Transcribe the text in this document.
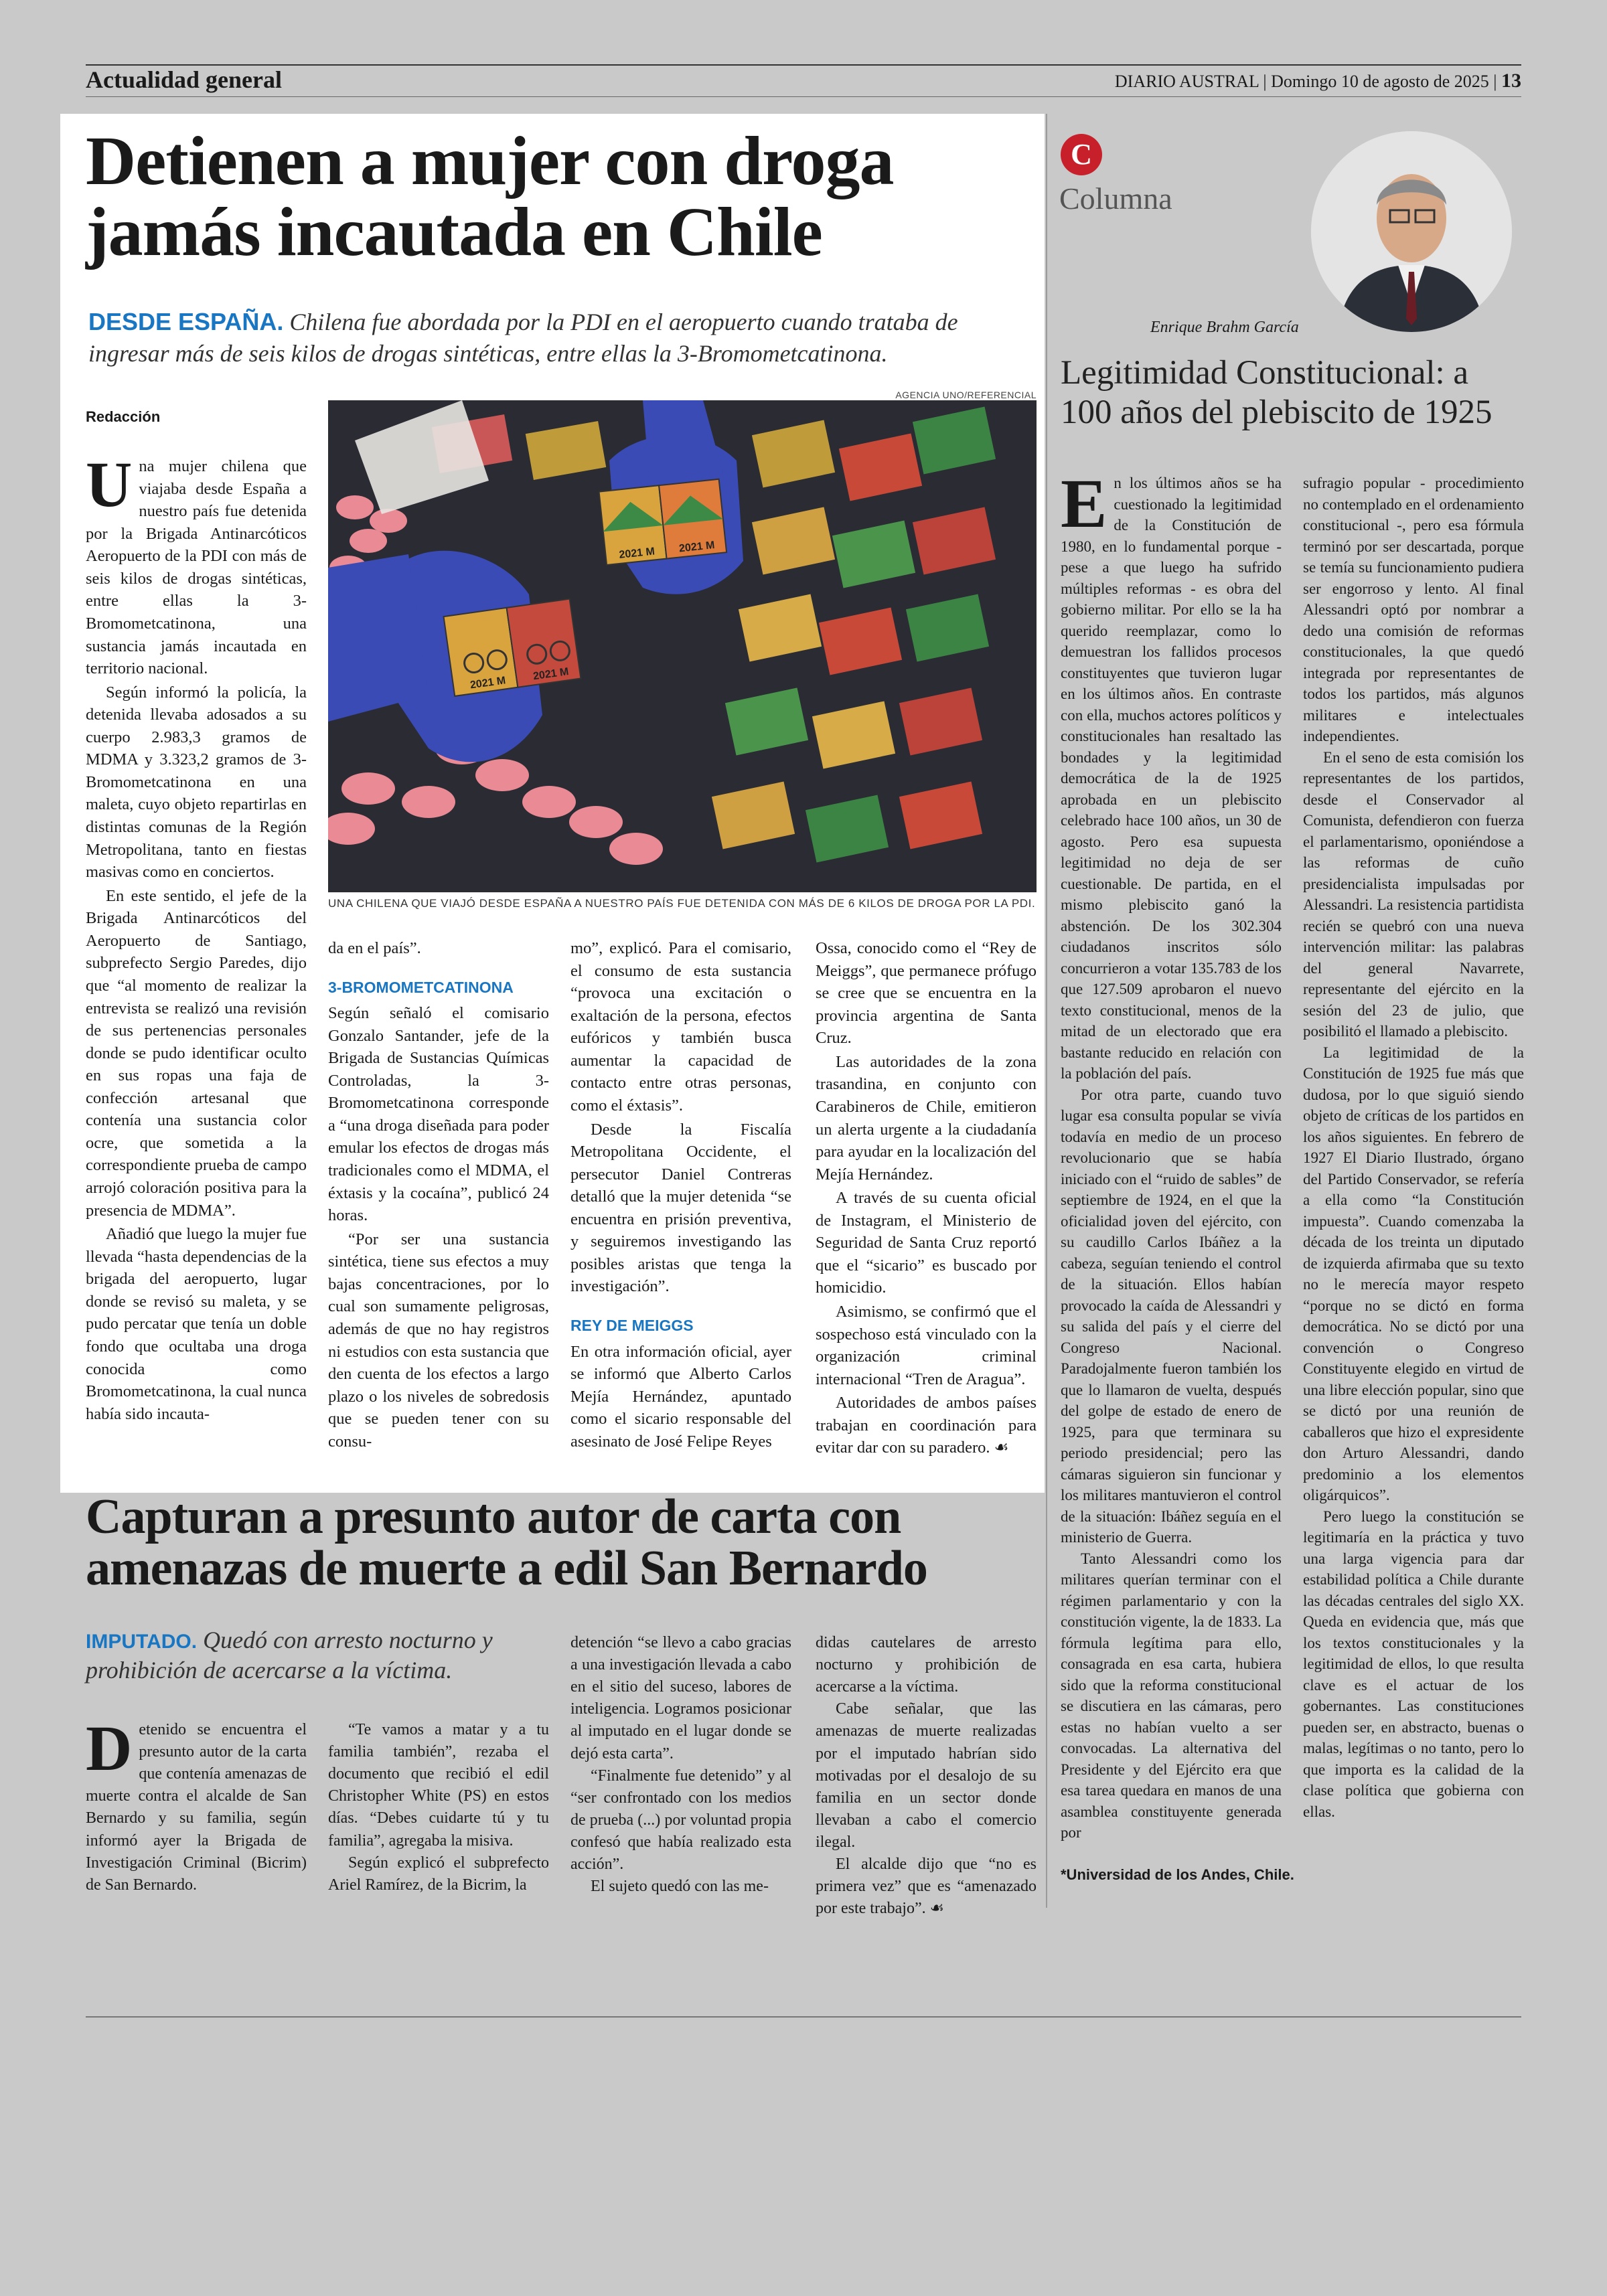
Actualidad general	DIARIO AUSTRAL | Domingo 10 de agosto de 2025 | 13
Detienen a mujer con droga
jamás incautada en Chile
DESDE ESPAÑA. Chilena fue abordada por la PDI en el aeropuerto cuando trataba de ingresar más de seis kilos de drogas sintéticas, entre ellas la 3-Bromometcatinona.
Redacción
AGENCIA UNO/REFERENCIAL
2021 M 2021 M
2021 M
2021 M
UNA CHILENA QUE VIAJÓ DESDE ESPAÑA A NUESTRO PAÍS FUE DETENIDA CON MÁS DE 6 KILOS DE DROGA POR LA PDI.

Una mujer chilena que viajaba desde España a nuestro país fue detenida por la Brigada Antinarcóticos Aeropuerto de la PDI con más de seis kilos de drogas sintéticas, entre ellas la 3-Bromometcatinona, una sustancia jamás incautada en territorio nacional.

Según informó la policía, la detenida llevaba adosados a su cuerpo 2.983,3 gramos de MDMA y 3.323,2 gramos de 3-Bromometcatinona en una maleta, cuyo objeto repartirlas en distintas comunas de la Región Metropolitana, tanto en fiestas masivas como en conciertos.

En este sentido, el jefe de la Brigada Antinarcóticos del Aeropuerto de Santiago, subprefecto Sergio Paredes, dijo que “al momento de realizar la entrevista se realizó una revisión de sus pertenencias personales donde se pudo identificar oculto en sus ropas una faja de confección artesanal que contenía una sustancia color ocre, que sometida a la correspondiente prueba de campo arrojó coloración positiva para la presencia de MDMA”.

Añadió que luego la mujer fue llevada “hasta dependencias de la brigada del aeropuerto, lugar donde se revisó su maleta, y se pudo percatar que tenía un doble fondo que ocultaba una droga conocida como Bromometcatinona, la cual nunca había sido incauta-

da en el país”.

3-BROMOMETCATINONA

Según señaló el comisario Gonzalo Santander, jefe de la Brigada de Sustancias Químicas Controladas, la 3-Bromometcatinona corresponde a “una droga diseñada para poder emular los efectos de drogas más tradicionales como el MDMA, el éxtasis y la cocaína”, publicó 24 horas.

“Por ser una sustancia sintética, tiene sus efectos a muy bajas concentraciones, por lo cual son sumamente peligrosas, además de que no hay registros ni estudios con esta sustancia que den cuenta de los efectos a largo plazo o los niveles de sobredosis que se pueden tener con su consu-

mo”, explicó. Para el comisario, el consumo de esta sustancia “provoca una excitación o exaltación de la persona, efectos eufóricos y también busca aumentar la capacidad de contacto entre otras personas, como el éxtasis”.

Desde la Fiscalía Metropolitana Occidente, el persecutor Daniel Contreras detalló que la mujer detenida “se encuentra en prisión preventiva, y seguiremos investigando las posibles aristas que tenga la investigación”.

REY DE MEIGGS

En otra información oficial, ayer se informó que Alberto Carlos Mejía Hernández, apuntado como el sicario responsable del asesinato de José Felipe Reyes

Ossa, conocido como el “Rey de Meiggs”, que permanece prófugo se cree que se encuentra en la provincia argentina de Santa Cruz.

Las autoridades de la zona trasandina, en conjunto con Carabineros de Chile, emitieron un alerta urgente a la ciudadanía para ayudar en la localización del Mejía Hernández.

A través de su cuenta oficial de Instagram, el Ministerio de Seguridad de Santa Cruz reportó que el “sicario” es buscado por homicidio.

Asimismo, se confirmó que el sospechoso está vinculado con la organización criminal internacional “Tren de Aragua”.

Autoridades de ambos países trabajan en coordinación para evitar dar con su paradero. ☙

Capturan a presunto autor de carta con
amenazas de muerte a edil San Bernardo
IMPUTADO. Quedó con arresto nocturno y prohibición de acercarse a la víctima.

Detenido se encuentra el presunto autor de la carta que contenía amenazas de muerte contra el alcalde de San Bernardo y su familia, según informó ayer la Brigada de Investigación Criminal (Bicrim) de San Bernardo.

“Te vamos a matar y a tu familia también”, rezaba el documento que recibió el edil Christopher White (PS) en estos días. “Debes cuidarte tú y tu familia”, agregaba la misiva.

Según explicó el subprefecto Ariel Ramírez, de la Bicrim, la

detención “se llevo a cabo gracias a una investigación llevada a cabo en el sitio del suceso, labores de inteligencia. Logramos posicionar al imputado en el lugar donde se dejó esta carta”.

“Finalmente fue detenido” y al “ser confrontado con los medios de prueba (...) por voluntad propia confesó que había realizado esta acción”.

El sujeto quedó con las me-

didas cautelares de arresto nocturno y prohibición de acercarse a la víctima.

Cabe señalar, que las amenazas de muerte realizadas por el imputado habrían sido motivadas por el desalojo de su familia en un sector donde llevaban a cabo el comercio ilegal.

El alcalde dijo que “no es primera vez” que es “amenazado por este trabajo”. ☙

C
Columna
Enrique Brahm García
Legitimidad Constitucional: a
100 años del plebiscito de 1925

En los últimos años se ha cuestionado la legitimidad de la Constitución de 1980, en lo fundamental porque - pese a que luego ha sufrido múltiples reformas - es obra del gobierno militar. Por ello se la ha querido reemplazar, como lo demuestran los fallidos procesos constituyentes que tuvieron lugar en los últimos años. En contraste con ella, muchos actores políticos y constitucionales han resaltado las bondades y la legitimidad democrática de la de 1925 aprobada en un plebiscito celebrado hace 100 años, un 30 de agosto. Pero esa supuesta legitimidad no deja de ser cuestionable. De partida, en el mismo plebiscito ganó la abstención. De los 302.304 ciudadanos inscritos sólo concurrieron a votar 135.783 de los que 127.509 aprobaron el nuevo texto constitucional, menos de la mitad de un electorado que era bastante reducido en relación con la población del país.

Por otra parte, cuando tuvo lugar esa consulta popular se vivía todavía en medio de un proceso revolucionario que se había iniciado con el “ruido de sables” de septiembre de 1924, en el que la oficialidad joven del ejército, con su caudillo Carlos Ibáñez a la cabeza, seguían teniendo el control de la situación. Ellos habían provocado la caída de Alessandri y su salida del país y el cierre del Congreso Nacional. Paradojalmente fueron también los que lo llamaron de vuelta, después del golpe de estado de enero de 1925, para que terminara su periodo presidencial; pero las cámaras siguieron sin funcionar y los militares mantuvieron el control de la situación: Ibáñez seguía en el ministerio de Guerra.

Tanto Alessandri como los militares querían terminar con el régimen parlamentario y con la constitución vigente, la de 1833. La fórmula legítima para ello, consagrada en esa carta, hubiera sido que la reforma constitucional se discutiera en las cámaras, pero estas no habían vuelto a ser convocadas. La alternativa del Presidente y del Ejército era que esa tarea quedara en manos de una asamblea constituyente generada por

sufragio popular - procedimiento no contemplado en el ordenamiento constitucional -, pero esa fórmula terminó por ser descartada, porque se temía su funcionamiento pudiera ser engorroso y lento. Al final Alessandri optó por nombrar a dedo una comisión de reformas constitucionales, la que quedó integrada por representantes de todos los partidos, más algunos militares e intelectuales independientes.

En el seno de esta comisión los representantes de los partidos, desde el Conservador al Comunista, defendieron con fuerza el parlamentarismo, oponiéndose a las reformas de cuño presidencialista impulsadas por Alessandri. La resistencia partidista recién se quebró con una nueva intervención militar: las palabras del general Navarrete, representante del ejército en la sesión del 23 de julio, que posibilitó el llamado a plebiscito.

La legitimidad de la Constitución de 1925 fue más que dudosa, por lo que siguió siendo objeto de críticas de los partidos en los años siguientes. En febrero de 1927 El Diario Ilustrado, órgano del Partido Conservador, se refería a ella como “la Constitución impuesta”. Cuando comenzaba la década de los treinta un diputado de izquierda afirmaba que su texto no le merecía mayor respeto “porque no se dictó en forma democrática. No se dictó por una convención o Congreso Constituyente elegido en virtud de una libre elección popular, sino que se dictó por una reunión de caballeros que hizo el expresidente don Arturo Alessandri, dando predominio a los elementos oligárquicos”.

Pero luego la constitución se legitimaría en la práctica y tuvo una larga vigencia para dar estabilidad política a Chile durante las décadas centrales del siglo XX. Queda en evidencia que, más que los textos constitucionales y la legitimidad de ellos, lo que resulta clave es el actuar de los gobernantes. Las constituciones pueden ser, en abstracto, buenas o malas, legítimas o no tanto, pero lo que importa es la calidad de la clase política que gobierna con ellas.

*Universidad de los Andes, Chile.
